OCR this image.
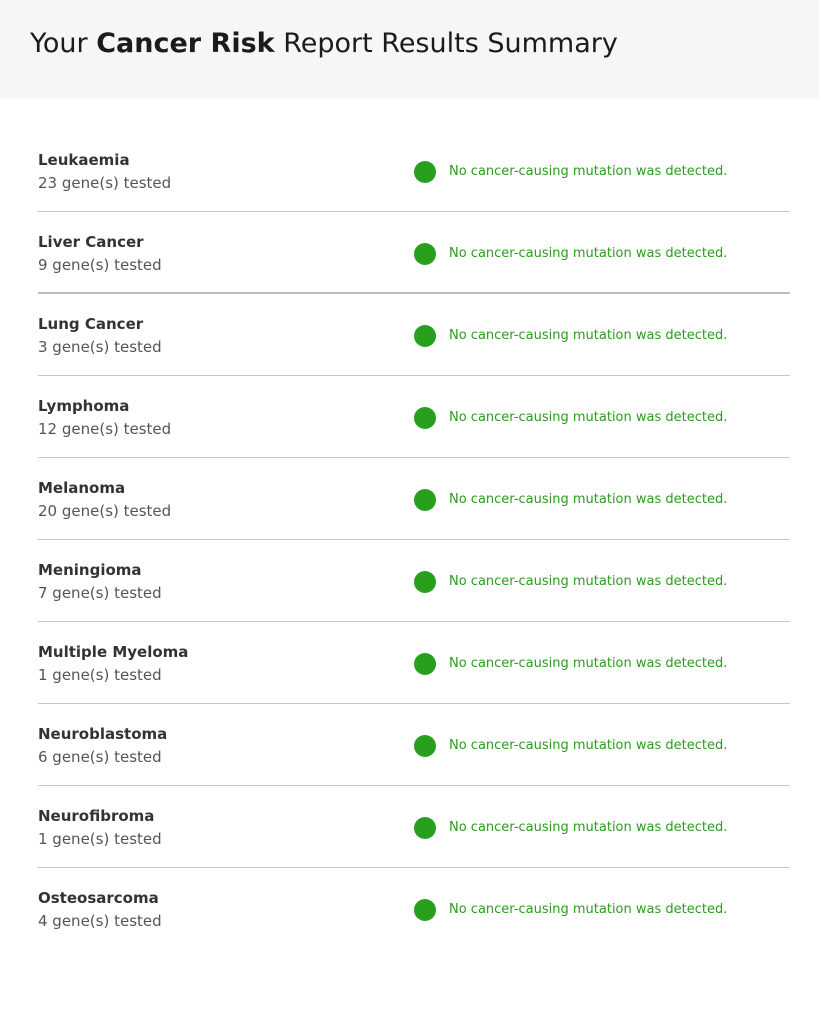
Your Cancer Risk Report Results Summary
Leukaemia
23 gene(s) tested
No cancer-causing mutation was detected.
Liver Cancer
9 gene(s) tested
No cancer-causing mutation was detected.
Lung Cancer
3 gene(s) tested
No cancer-causing mutation was detected.
Lymphoma
12 gene(s) tested
No cancer-causing mutation was detected.
Melanoma
20 gene(s) tested
No cancer-causing mutation was detected.
Meningioma
7 gene(s) tested
No cancer-causing mutation was detected.
Multiple Myeloma
1 gene(s) tested
No cancer-causing mutation was detected.
Neuroblastoma
6 gene(s) tested
No cancer-causing mutation was detected.
Neurofibroma
1 gene(s) tested
No cancer-causing mutation was detected.
Osteosarcoma
4 gene(s) tested
No cancer-causing mutation was detected.
